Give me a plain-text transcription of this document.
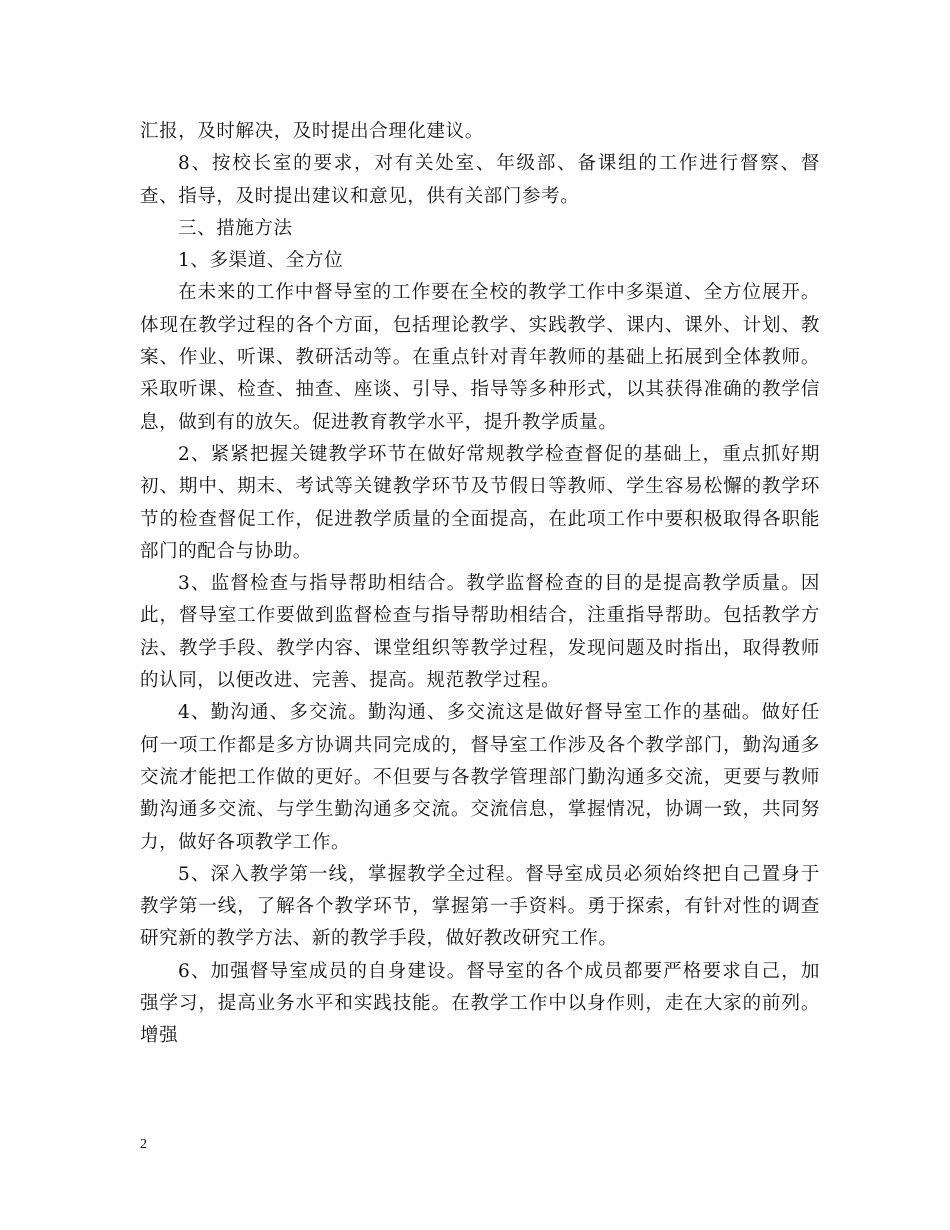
汇报，及时解决，及时提出合理化建议。

8、按校长室的要求，对有关处室、年级部、备课组的工作进行督察、督查、指导，及时提出建议和意见，供有关部门参考。

三、措施方法

1、多渠道、全方位

在未来的工作中督导室的工作要在全校的教学工作中多渠道、全方位展开。体现在教学过程的各个方面，包括理论教学、实践教学、课内、课外、计划、教案、作业、听课、教研活动等。在重点针对青年教师的基础上拓展到全体教师。采取听课、检查、抽查、座谈、引导、指导等多种形式，以其获得准确的教学信息，做到有的放矢。促进教育教学水平，提升教学质量。

2、紧紧把握关键教学环节在做好常规教学检查督促的基础上，重点抓好期初、期中、期末、考试等关键教学环节及节假日等教师、学生容易松懈的教学环节的检查督促工作，促进教学质量的全面提高，在此项工作中要积极取得各职能部门的配合与协助。

3、监督检查与指导帮助相结合。教学监督检查的目的是提高教学质量。因此，督导室工作要做到监督检查与指导帮助相结合，注重指导帮助。包括教学方法、教学手段、教学内容、课堂组织等教学过程，发现问题及时指出，取得教师的认同，以便改进、完善、提高。规范教学过程。

4、勤沟通、多交流。勤沟通、多交流这是做好督导室工作的基础。做好任何一项工作都是多方协调共同完成的，督导室工作涉及各个教学部门，勤沟通多交流才能把工作做的更好。不但要与各教学管理部门勤沟通多交流，更要与教师勤沟通多交流、与学生勤沟通多交流。交流信息，掌握情况，协调一致，共同努力，做好各项教学工作。

5、深入教学第一线，掌握教学全过程。督导室成员必须始终把自己置身于教学第一线，了解各个教学环节，掌握第一手资料。勇于探索，有针对性的调查研究新的教学方法、新的教学手段，做好教改研究工作。

6、加强督导室成员的自身建设。督导室的各个成员都要严格要求自己，加强学习，提高业务水平和实践技能。在教学工作中以身作则，走在大家的前列。增强

2
